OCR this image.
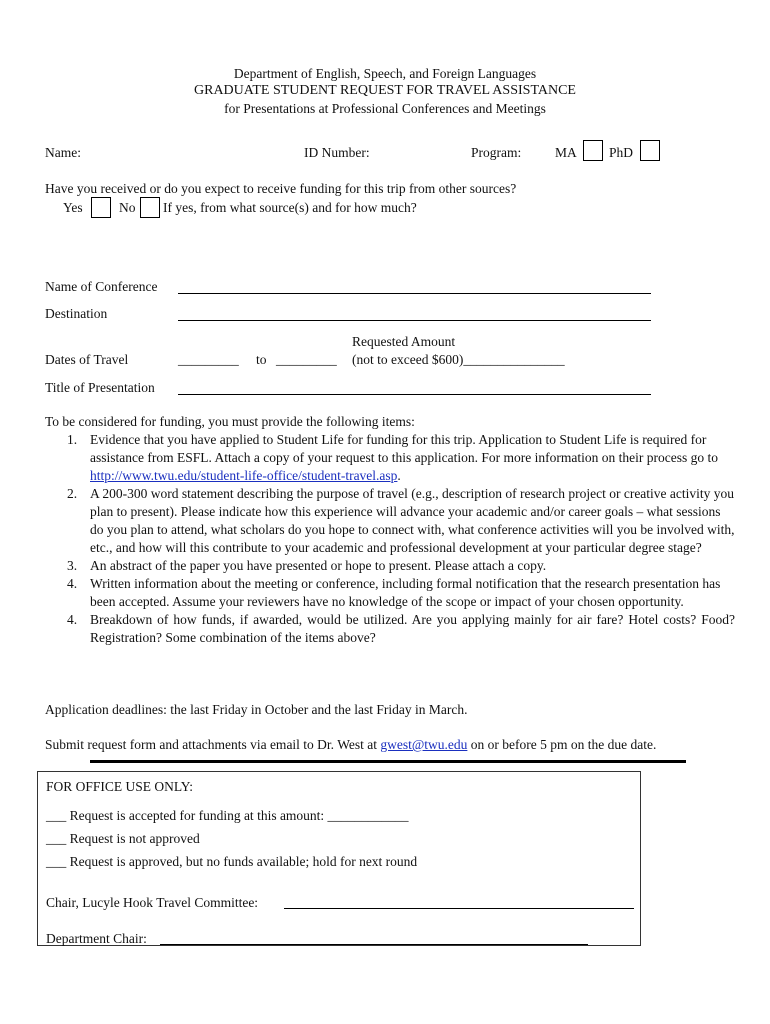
Department of English, Speech, and Foreign Languages
GRADUATE STUDENT REQUEST FOR TRAVEL ASSISTANCE
for Presentations at Professional Conferences and Meetings
Name:	ID Number:	Program:	MA PhD
Have you received or do you expect to receive funding for this trip from other sources?
Yes	No If yes, from what source(s) and for how much?
Name of Conference
Destination
Requested Amount
Dates of Travel	_________ to _________ (not to exceed $600)_______________
Title of Presentation
To be considered for funding, you must provide the following items:
1. Evidence that you have applied to Student Life for funding for this trip. Application to Student Life is required for assistance from ESFL. Attach a copy of your request to this application. For more information on their process go to http://www.twu.edu/student-life-office/student-travel.asp.
2. A 200-300 word statement describing the purpose of travel (e.g., description of research project or creative activity you plan to present). Please indicate how this experience will advance your academic and/or career goals – what sessions do you plan to attend, what scholars do you hope to connect with, what conference activities will you be involved with, etc., and how will this contribute to your academic and professional development at your particular degree stage?
3. An abstract of the paper you have presented or hope to present. Please attach a copy.
4. Written information about the meeting or conference, including formal notification that the research presentation has been accepted. Assume your reviewers have no knowledge of the scope or impact of your chosen opportunity.
4. Breakdown of how funds, if awarded, would be utilized. Are you applying mainly for air fare? Hotel costs? Food? Registration? Some combination of the items above?
Application deadlines: the last Friday in October and the last Friday in March.
Submit request form and attachments via email to Dr. West at gwest@twu.edu on or before 5 pm on the due date.
FOR OFFICE USE ONLY:
___ Request is accepted for funding at this amount: ____________
___ Request is not approved
___ Request is approved, but no funds available; hold for next round
Chair, Lucyle Hook Travel Committee:
Department Chair:
